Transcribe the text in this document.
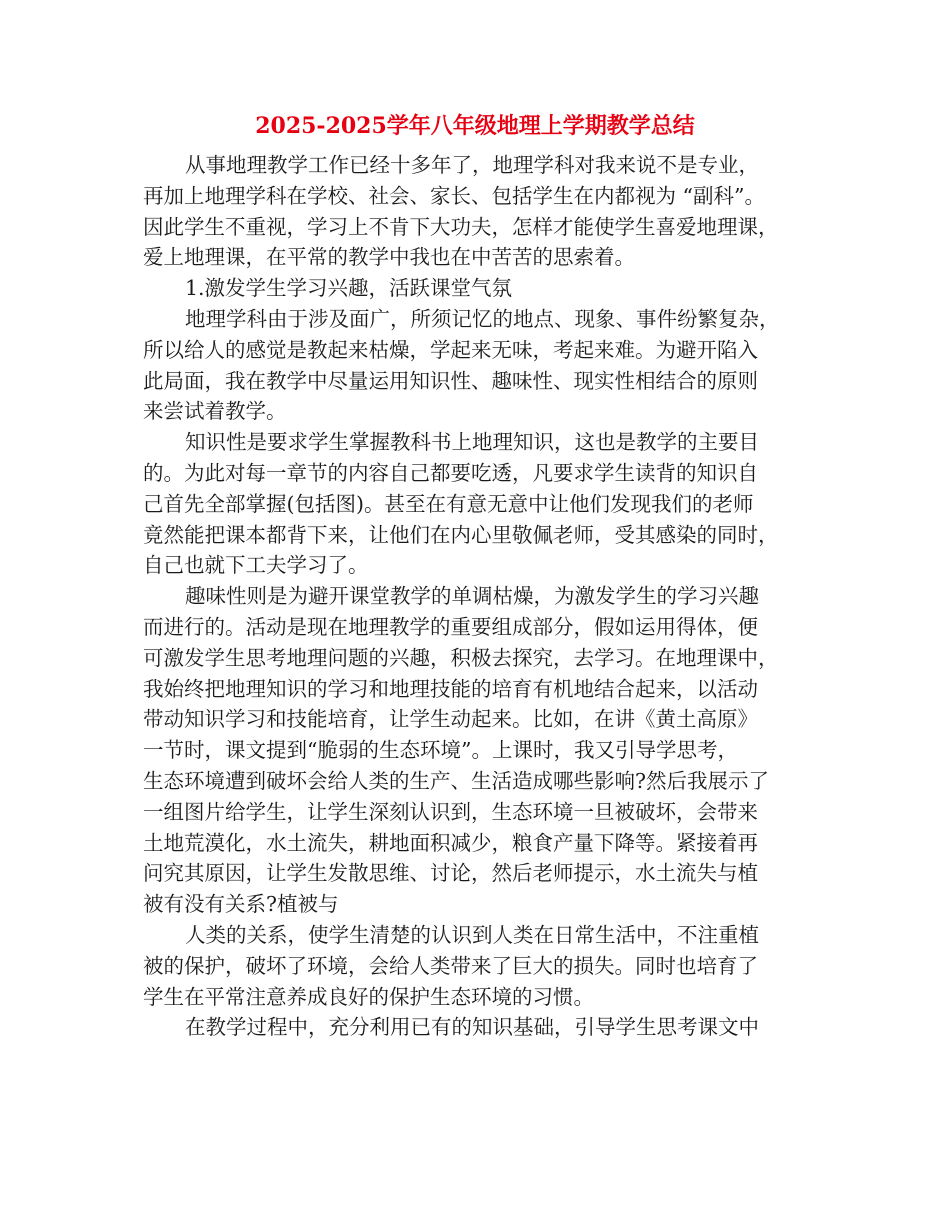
2025-2025学年八年级地理上学期教学总结
从事地理教学工作已经十多年了，地理学科对我来说不是专业，
再加上地理学科在学校、社会、家长、包括学生在内都视为 “副科”。
因此学生不重视，学习上不肯下大功夫，怎样才能使学生喜爱地理课，
爱上地理课，在平常的教学中我也在中苦苦的思索着。
1.激发学生学习兴趣，活跃课堂气氛
地理学科由于涉及面广，所须记忆的地点、现象、事件纷繁复杂，
所以给人的感觉是教起来枯燥，学起来无味，考起来难。为避开陷入
此局面，我在教学中尽量运用知识性、趣味性、现实性相结合的原则
来尝试着教学。
知识性是要求学生掌握教科书上地理知识，这也是教学的主要目
的。为此对每一章节的内容自己都要吃透，凡要求学生读背的知识自
己首先全部掌握(包括图)。甚至在有意无意中让他们发现我们的老师
竟然能把课本都背下来，让他们在内心里敬佩老师，受其感染的同时，
自己也就下工夫学习了。
趣味性则是为避开课堂教学的单调枯燥，为激发学生的学习兴趣
而进行的。活动是现在地理教学的重要组成部分，假如运用得体，便
可激发学生思考地理问题的兴趣，积极去探究，去学习。在地理课中，
我始终把地理知识的学习和地理技能的培育有机地结合起来，以活动
带动知识学习和技能培育，让学生动起来。比如，在讲《黄土高原》
一节时，课文提到“脆弱的生态环境”。上课时，我又引导学思考，
生态环境遭到破坏会给人类的生产、生活造成哪些影响?然后我展示了
一组图片给学生，让学生深刻认识到，生态环境一旦被破坏，会带来
土地荒漠化，水土流失，耕地面积减少，粮食产量下降等。紧接着再
问究其原因，让学生发散思维、讨论，然后老师提示，水土流失与植
被有没有关系?植被与
人类的关系，使学生清楚的认识到人类在日常生活中，不注重植
被的保护，破坏了环境，会给人类带来了巨大的损失。同时也培育了
学生在平常注意养成良好的保护生态环境的习惯。
在教学过程中，充分利用已有的知识基础，引导学生思考课文中
